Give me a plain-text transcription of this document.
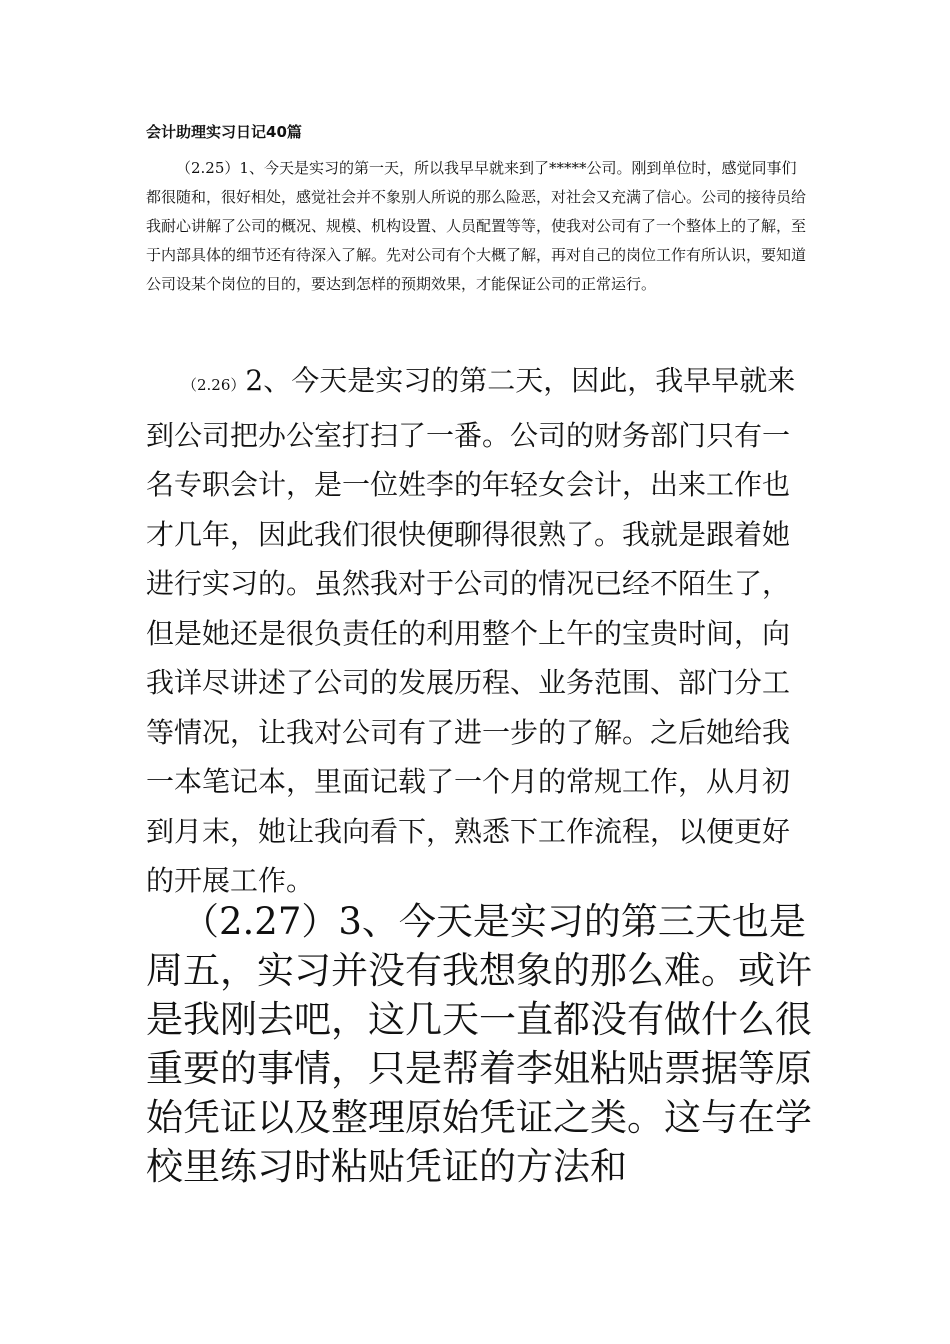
会计助理实习日记40篇

（2.25）1、今天是实习的第一天，所以我早早就来到了*****公司。刚到单位时，感觉同事们都很随和，很好相处，感觉社会并不象别人所说的那么险恶，对社会又充满了信心。公司的接待员给我耐心讲解了公司的概况、规模、机构设置、人员配置等等，使我对公司有了一个整体上的了解，至于内部具体的细节还有待深入了解。先对公司有个大概了解，再对自己的岗位工作有所认识，要知道公司设某个岗位的目的，要达到怎样的预期效果，才能保证公司的正常运行。

（2.26）2、今天是实习的第二天，因此，我早早就来到公司把办公室打扫了一番。公司的财务部门只有一名专职会计，是一位姓李的年轻女会计，出来工作也才几年，因此我们很快便聊得很熟了。我就是跟着她进行实习的。虽然我对于公司的情况已经不陌生了，但是她还是很负责任的利用整个上午的宝贵时间，向我详尽讲述了公司的发展历程、业务范围、部门分工等情况，让我对公司有了进一步的了解。之后她给我一本笔记本，里面记载了一个月的常规工作，从月初到月末，她让我向看下，熟悉下工作流程，以便更好的开展工作。

（2.27）3、今天是实习的第三天也是周五，实习并没有我想象的那么难。或许是我刚去吧，这几天一直都没有做什么很重要的事情，只是帮着李姐粘贴票据等原始凭证以及整理原始凭证之类。这与在学校里练习时粘贴凭证的方法和
